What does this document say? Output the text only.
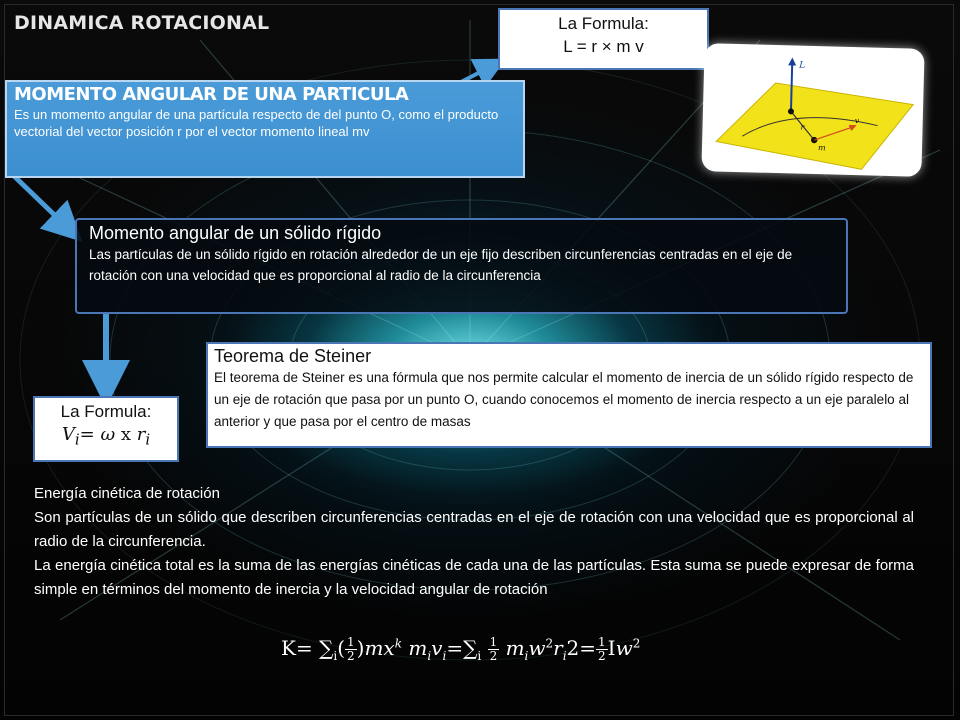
DINAMICA ROTACIONAL	La Formula:
L = r × m v
L
r
v
m
MOMENTO ANGULAR DE UNA PARTICULA
Es un momento angular de una partícula respecto de del punto O, como el producto vectorial del vector posición r por el vector momento lineal mv
Momento angular de un sólido rígido
Las partículas de un sólido rígido en rotación alrededor de un eje fijo describen circunferencias centradas en el eje de rotación con una velocidad que es proporcional al radio de la circunferencia
La Formula:
$V_i= \omega$ x $r_i$
Teorema de Steiner
El teorema de Steiner es una fórmula que nos permite calcular el momento de inercia de un sólido rígido respecto de un eje de rotación que pasa por un punto O, cuando conocemos el momento de inercia respecto a un eje paralelo al anterior y que pasa por el centro de masas
Energía cinética de rotación

Son partículas de un sólido que describen circunferencias centradas en el eje de rotación con una velocidad que es proporcional al radio de la circunferencia.

La energía cinética total es la suma de las energías cinéticas de cada una de las partículas. Esta suma se puede expresar de forma simple en términos del momento de inercia y la velocidad angular de rotación

$K= \sum_i( \frac{1}{2} )mx^k$ $m_iv_i=\sum_i \frac{1}{2} m_iw^2r_i2= \frac{1}{2} Iw^2$
